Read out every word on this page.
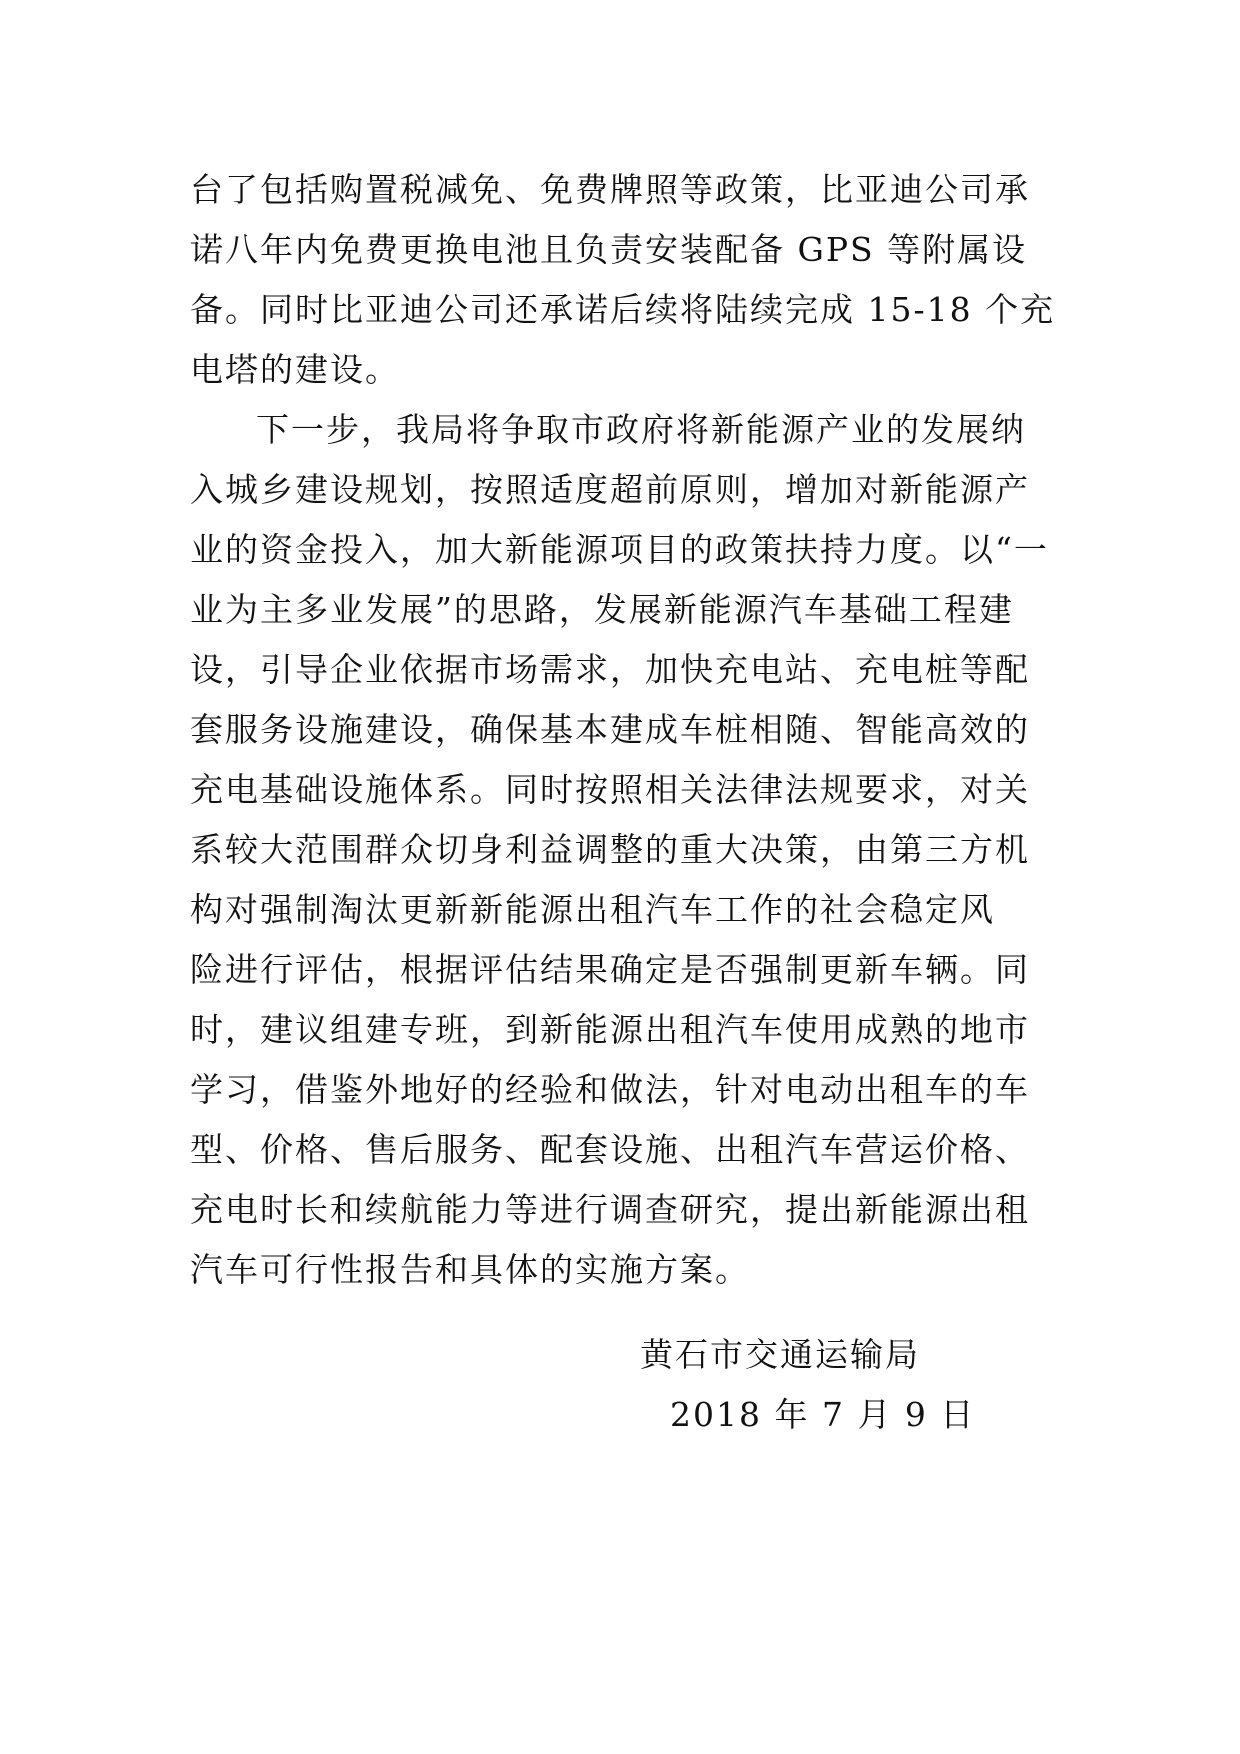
台了包括购置税减免、免费牌照等政策，比亚迪公司承
诺八年内免费更换电池且负责安装配备 GPS 等附属设
备。同时比亚迪公司还承诺后续将陆续完成 15-18 个充
电塔的建设。
下一步，我局将争取市政府将新能源产业的发展纳
入城乡建设规划，按照适度超前原则，增加对新能源产
业的资金投入，加大新能源项目的政策扶持力度。以“一
业为主多业发展”的思路，发展新能源汽车基础工程建
设，引导企业依据市场需求，加快充电站、充电桩等配
套服务设施建设，确保基本建成车桩相随、智能高效的
充电基础设施体系。同时按照相关法律法规要求，对关
系较大范围群众切身利益调整的重大决策，由第三方机
构对强制淘汰更新新能源出租汽车工作的社会稳定风
险进行评估，根据评估结果确定是否强制更新车辆。同
时，建议组建专班，到新能源出租汽车使用成熟的地市
学习，借鉴外地好的经验和做法，针对电动出租车的车
型、价格、售后服务、配套设施、出租汽车营运价格、
充电时长和续航能力等进行调查研究，提出新能源出租
汽车可行性报告和具体的实施方案。
黄石市交通运输局
2018 年 7 月 9 日
